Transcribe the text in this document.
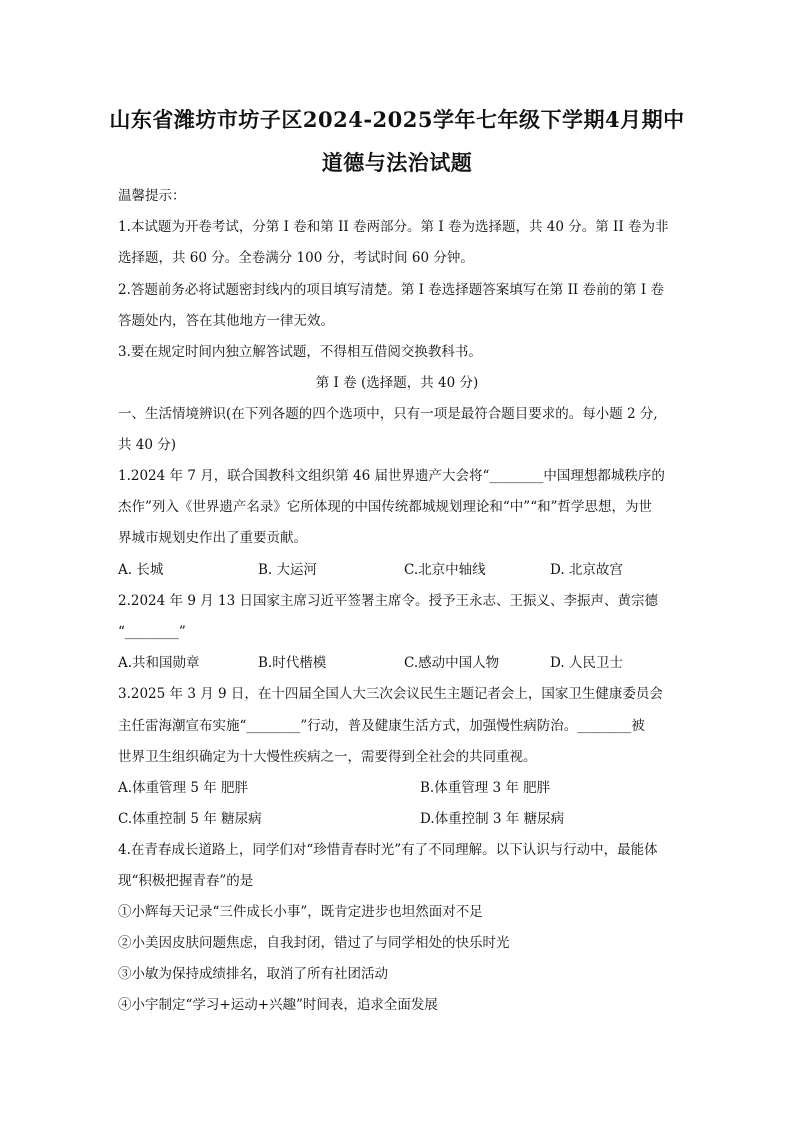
山东省潍坊市坊子区2024-2025学年七年级下学期4月期中
道德与法治试题
温馨提示：
1.本试题为开卷考试，分第 I 卷和第 II 卷两部分。第 I 卷为选择题，共 40 分。第 II 卷为非
选择题，共 60 分。全卷满分 100 分，考试时间 60 分钟。
2.答题前务必将试题密封线内的项目填写清楚。第 I 卷选择题答案填写在第 II 卷前的第 I 卷
答题处内，答在其他地方一律无效。
3.要在规定时间内独立解答试题，不得相互借阅交换教科书。
第 I 卷 (选择题，共 40 分)
一、生活情境辨识(在下列各题的四个选项中，只有一项是最符合题目要求的。每小题 2 分,
共 40 分)
1.2024 年 7 月，联合国教科文组织第 46 届世界遗产大会将“________中国理想都城秩序的
杰作”列入《世界遗产名录》它所体现的中国传统都城规划理论和“中”“和”哲学思想，为世
界城市规划史作出了重要贡献。
A. 长城	B. 大运河	C.北京中轴线	D. 北京故宫
2.2024 年 9 月 13 日国家主席习近平签署主席令。授予王永志、王振义、李振声、黄宗德
“________”
A.共和国勋章	B.时代楷模	C.感动中国人物	D. 人民卫士
3.2025 年 3 月 9 日，在十四届全国人大三次会议民生主题记者会上，国家卫生健康委员会
主任雷海潮宣布实施“________”行动，普及健康生活方式，加强慢性病防治。________被
世界卫生组织确定为十大慢性疾病之一，需要得到全社会的共同重视。
A.体重管理 5 年 肥胖	B.体重管理 3 年 肥胖
C.体重控制 5 年 糖尿病	D.体重控制 3 年 糖尿病
4.在青春成长道路上，同学们对“珍惜青春时光”有了不同理解。以下认识与行动中，最能体
现“积极把握青春”的是
①小辉每天记录“三件成长小事”，既肯定进步也坦然面对不足
②小美因皮肤问题焦虑，自我封闭，错过了与同学相处的快乐时光
③小敏为保持成绩排名，取消了所有社团活动
④小宇制定“学习+运动+兴趣”时间表，追求全面发展
